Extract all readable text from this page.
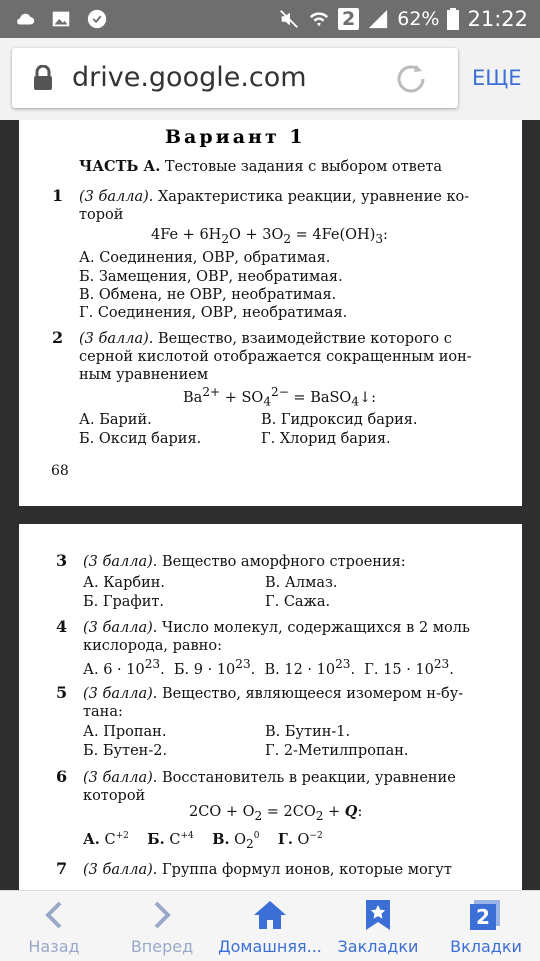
2 62% 21:22
drive.google.com	ЕЩЕ
Вариант 1
ЧАСТЬ А. Тестовые задания с выбором ответа
1 (3 балла). Характеристика реакции, уравнение ко-
торой
$4Fe + 6H_2O + 3O_2 = 4Fe(OH)_3$:
А. Соединения, ОВР, обратимая.
Б. Замещения, ОВР, необратимая.
В. Обмена, не ОВР, необратимая.
Г. Соединения, ОВР, необратимая.
2 (3 балла). Вещество, взаимодействие которого с
серной кислотой отображается сокращенным ион-
ным уравнением
$Ba^{2+} + SO_4^{2-}$ = BaSO$_4$↓:
А. Барий.	В. Гидроксид бария.
Б. Оксид бария.	Г. Хлорид бария.
68
3 (3 балла). Вещество аморфного строения:
А. Карбин.	В. Алмаз.
Б. Графит.	Г. Сажа.
4 (3 балла). Число молекул, содержащихся в 2 моль
кислорода, равно:
А. $6 \cdot 10^{23}$.  Б. $9 \cdot 10^{23}$.  В. $12 \cdot 10^{23}$.  Г. $15 \cdot 10^{23}$.
5 (3 балла). Вещество, являющееся изомером н-бу-
тана:
А. Пропан.	В. Бутин-1.
Б. Бутен-2.	Г. 2-Метилпропан.
6 (3 балла). Восстановитель в реакции, уравнение
которой
$2CO + O_2 = 2CO_2 + Q$:
А. $C^{+2}$ Б. $C^{+4}$ В. $O_2^0$ Г. $O^{-2}$
7 (3 балла). Группа формул ионов, которые могут
Назад	Вперед	Домашняя... Закладки
2
Вкладки
